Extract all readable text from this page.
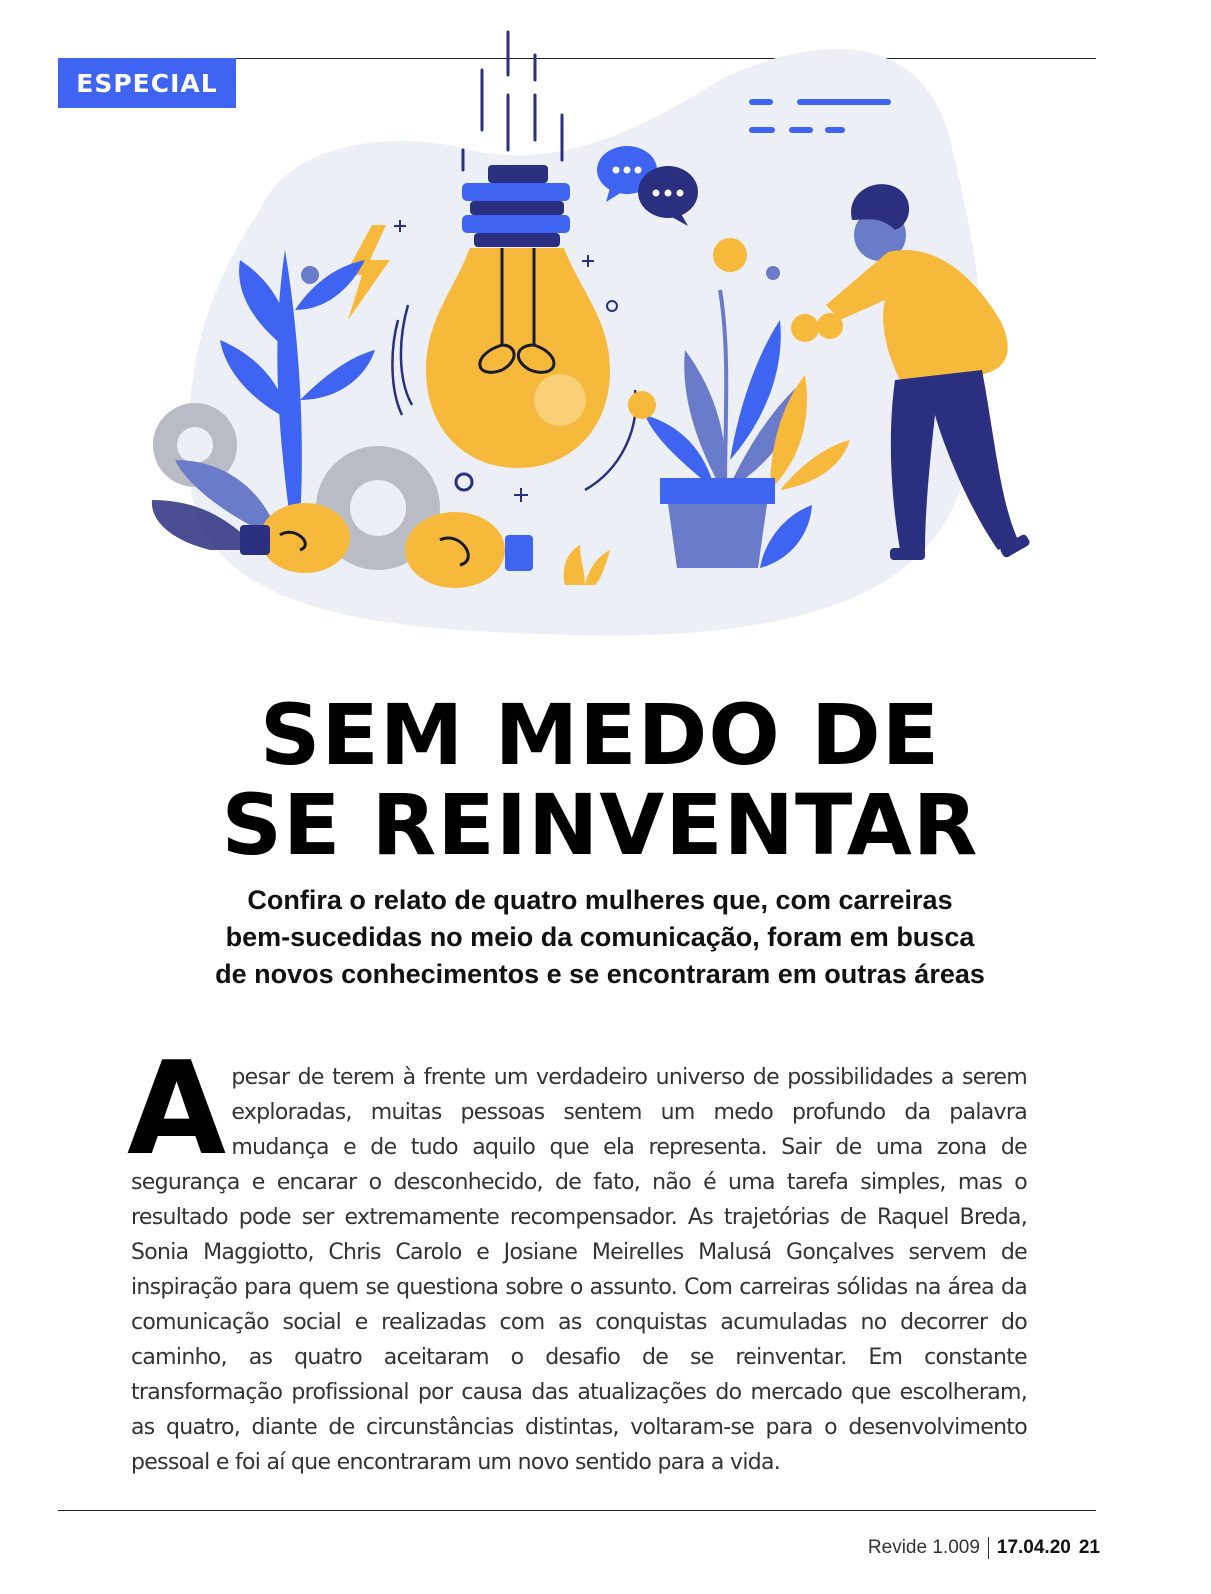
ESPECIAL
SEM MEDO DE
SE REINVENTAR
Confira o relato de quatro mulheres que, com carreiras
bem-sucedidas no meio da comunicação, foram em busca
de novos conhecimentos e se encontraram em outras áreas

Apesar de terem à frente um verdadeiro universo de possibilidades a serem exploradas, muitas pessoas sentem um medo profundo da palavra mudança e de tudo aquilo que ela representa. Sair de uma zona de segurança e encarar o desconhecido, de fato, não é uma tarefa simples, mas o resultado pode ser extremamente recompensador. As trajetórias de Raquel Breda, Sonia Maggiotto, Chris Carolo e Josiane Meirelles Malusá Gonçalves servem de inspiração para quem se questiona sobre o assunto. Com carreiras sólidas na área da comunicação social e realizadas com as conquistas acumuladas no decorrer do caminho, as quatro aceitaram o desafio de se reinventar. Em constante transformação profissional por causa das atualizações do mercado que escolheram, as quatro, diante de circunstâncias distintas, voltaram-se para o desenvolvimento pessoal e foi aí que encontraram um novo sentido para a vida.

Revide 1.009 17.04.20 21
